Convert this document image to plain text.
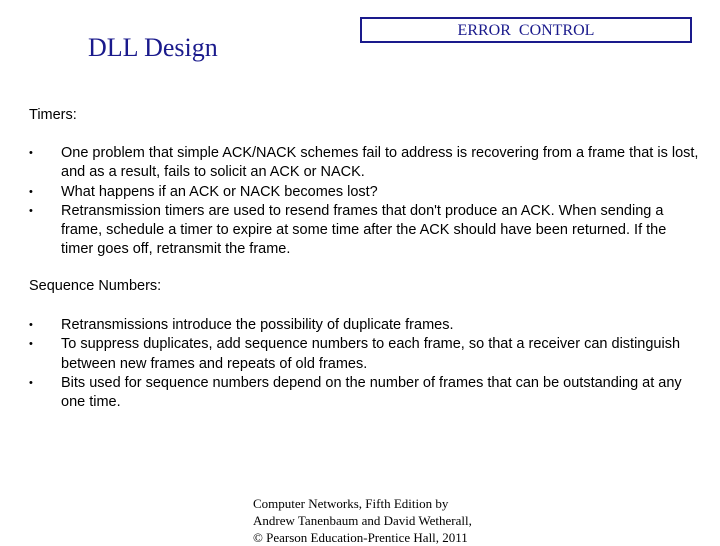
DLL Design
ERROR  CONTROL
Timers:
•	One problem that simple ACK/NACK schemes fail to address is recovering from a frame that is lost, and as a result, fails to solicit an ACK or NACK.
•	What happens if an ACK or NACK becomes lost?
•	Retransmission timers are used to resend frames that don't produce an ACK. When sending a frame, schedule a timer to expire at some time after the ACK should have been returned. If the timer goes off, retransmit the frame.
Sequence Numbers:
•	Retransmissions introduce the possibility of duplicate frames.
•	To suppress duplicates, add sequence numbers to each frame, so that a receiver can distinguish between new frames and repeats of old frames.
•	Bits used for sequence numbers depend on the number of frames that can be outstanding at any one time.
Computer Networks, Fifth Edition by Andrew Tanenbaum and David Wetherall, © Pearson Education-Prentice Hall, 2011
